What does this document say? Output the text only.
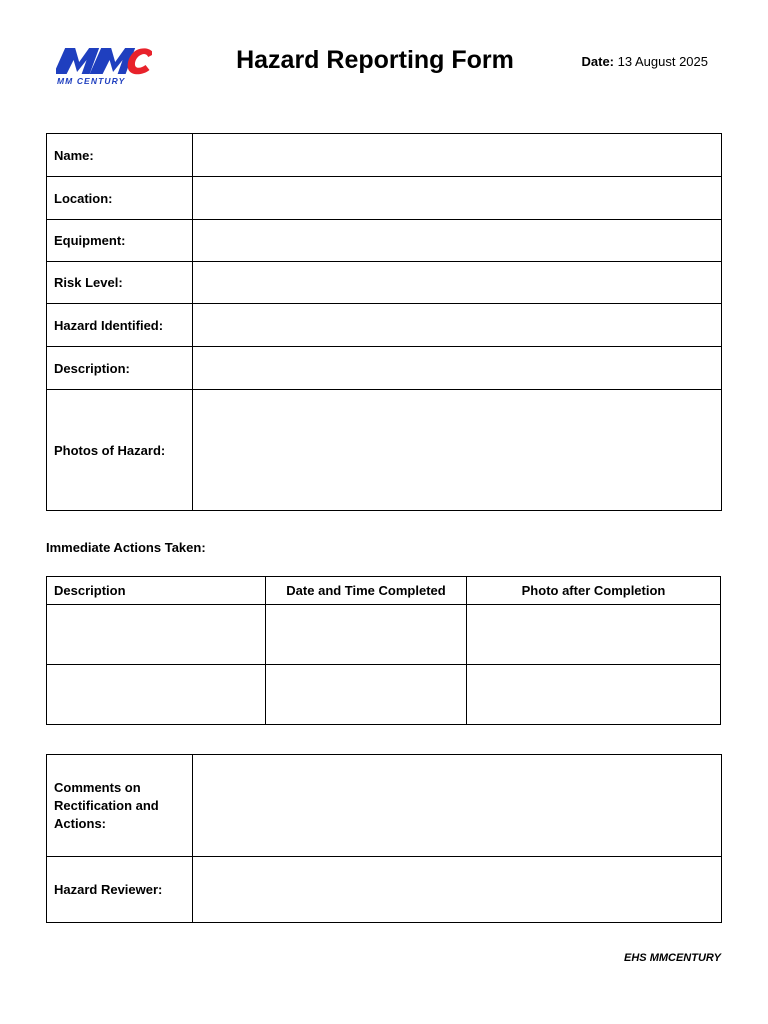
MM CENTURY
Hazard Reporting Form	Date: 13 August 2025
Name:	
Location:	
Equipment:	
Risk Level:	
Hazard Identified:	
Description:	
Photos of Hazard:	
Immediate Actions Taken:
Description	Date and Time Completed	Photo after Completion

Comments on Rectification and Actions:	
Hazard Reviewer:	
EHS MMCENTURY
